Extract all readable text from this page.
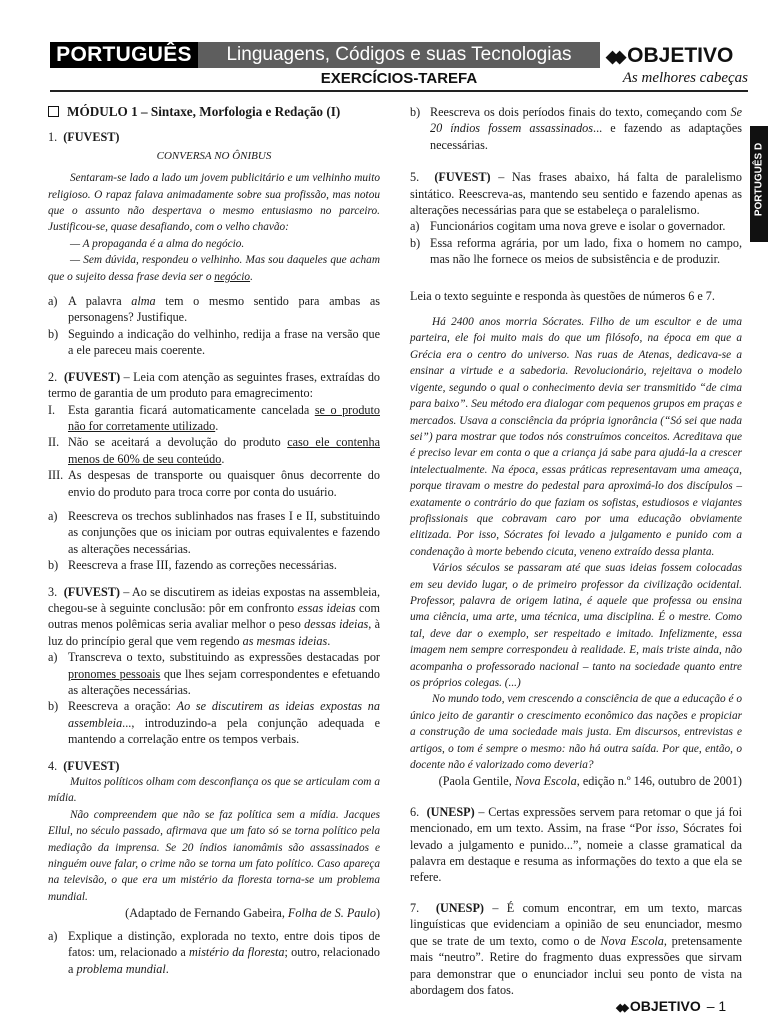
PORTUGUÊS	Linguagens, Códigos e suas Tecnologias
EXERCÍCIOS-TAREFA
◆◆ OBJETIVO
As melhores cabeças
PORTUGUÊS D

MÓDULO 1 – Sintaxe, Morfologia e Redação (I)

1. (FUVEST)

CONVERSA NO ÔNIBUS

Sentaram-se lado a lado um jovem publicitário e um velhinho muito religioso. O rapaz falava animadamente sobre sua profissão, mas notou que o assunto não despertava o mesmo entusiasmo no parceiro. Justificou-se, quase desafiando, com o velho chavão:

— A propaganda é a alma do negócio.

— Sem dúvida, respondeu o velhinho. Mas sou daqueles que acham que o sujeito dessa frase devia ser o negócio.

a) A palavra alma tem o mesmo sentido para ambas as personagens? Justifique.
b) Seguindo a indicação do velhinho, redija a frase na versão que a ele pareceu mais coerente.

2. (FUVEST) – Leia com atenção as seguintes frases, extraídas do termo de garantia de um produto para emagrecimento:

I.	Esta garantia ficará automaticamente cancelada se o produto não for corretamente utilizado.
II. Não se aceitará a devolução do produto caso ele contenha menos de 60% de seu conteúdo.
III. As despesas de transporte ou quaisquer ônus decorrente do envio do produto para troca corre por conta do usuário.
a) Reescreva os trechos sublinhados nas frases I e II, substituindo as conjunções que os iniciam por outras equivalentes e fazendo as alterações necessárias.
b) Reescreva a frase III, fazendo as correções necessárias.

3. (FUVEST) – Ao se discutirem as ideias expostas na assembleia, chegou-se à seguinte conclusão: pôr em confronto essas ideias com outras menos polêmicas seria avaliar melhor o peso dessas ideias, à luz do princípio geral que vem regendo as mesmas ideias.

a) Transcreva o texto, substituindo as expressões destacadas por pronomes pessoais que lhes sejam correspondentes e efetuando as alterações necessárias.
b) Reescreva a oração: Ao se discutirem as ideias expostas na assembleia..., introduzindo-a pela conjunção adequada e mantendo a correlação entre os tempos verbais.

4. (FUVEST)

Muitos políticos olham com desconfiança os que se articulam com a mídia.

Não compreendem que não se faz política sem a mídia. Jacques Ellul, no século passado, afirmava que um fato só se torna político pela mediação da imprensa. Se 20 índios ianomâmis são assassinados e ninguém ouve falar, o crime não se torna um fato político. Caso apareça na televisão, o que era um mistério da floresta torna-se um problema mundial.

(Adaptado de Fernando Gabeira, Folha de S. Paulo)

a) Explique a distinção, explorada no texto, entre dois tipos de fatos: um, relacionado a mistério da floresta; outro, relacionado a problema mundial.
b) Reescreva os dois períodos finais do texto, começando com Se 20 índios fossem assassinados... e fazendo as adaptações necessárias.

5. (FUVEST) – Nas frases abaixo, há falta de paralelismo sintático. Reescreva-as, mantendo seu sentido e fazendo apenas as alterações necessárias para que se estabeleça o paralelismo.

a) Funcionários cogitam uma nova greve e isolar o governador.
b) Essa reforma agrária, por um lado, fixa o homem no campo, mas não lhe fornece os meios de subsistência e de produzir.

Leia o texto seguinte e responda às questões de números 6 e 7.

Há 2400 anos morria Sócrates. Filho de um escultor e de uma parteira, ele foi muito mais do que um filósofo, na época em que a Grécia era o centro do universo. Nas ruas de Atenas, dedicava-se a ensinar a virtude e a sabedoria. Revolucionário, rejeitava o modelo vigente, segundo o qual o conhecimento devia ser transmitido “de cima para baixo”. Seu método era dialogar com pequenos grupos em praças e mercados. Usava a consciência da própria ignorância (“Só sei que nada sei”) para mostrar que todos nós construímos conceitos. Acreditava que é preciso levar em conta o que a criança já sabe para ajudá-la a crescer intelectualmente. Na época, essas práticas representavam uma ameaça, porque tiravam o mestre do pedestal para aproximá-lo dos discípulos – exatamente o contrário do que faziam os sofistas, estudiosos e viajantes profissionais que cobravam caro por uma educação obviamente elitizada. Por isso, Sócrates foi levado a julgamento e punido com a condenação à morte bebendo cicuta, veneno extraído dessa planta.

Vários séculos se passaram até que suas ideias fossem colocadas em seu devido lugar, o de primeiro professor da civilização ocidental. Professor, palavra de origem latina, é aquele que professa ou ensina uma ciência, uma arte, uma técnica, uma disciplina. É o mestre. Como tal, deve dar o exemplo, ser respeitado e imitado. Infelizmente, essa imagem nem sempre correspondeu à realidade. E, mais triste ainda, não acompanha o professorado nacional – tanto na sociedade quanto entre os próprios colegas. (...)

No mundo todo, vem crescendo a consciência de que a educação é o único jeito de garantir o crescimento econômico das nações e propiciar a construção de uma sociedade mais justa. Em discursos, entrevistas e artigos, o tom é sempre o mesmo: não há outra saída. Por que, então, o docente não é valorizado como deveria?

(Paola Gentile, Nova Escola, edição n.º 146, outubro de 2001)

6. (UNESP) – Certas expressões servem para retomar o que já foi mencionado, em um texto. Assim, na frase “Por isso, Sócrates foi levado a julgamento e punido...”, nomeie a classe gramatical da palavra em destaque e resuma as informações do texto a que ela se refere.

7. (UNESP) – É comum encontrar, em um texto, marcas linguísticas que evidenciam a opinião de seu enunciador, mesmo que se trate de um texto, como o de Nova Escola, pretensamente mais “neutro”. Retire do fragmento duas expressões que sirvam para demonstrar que o enunciador inclui seu ponto de vista na abordagem dos fatos.

◆◆ OBJETIVO – 1
